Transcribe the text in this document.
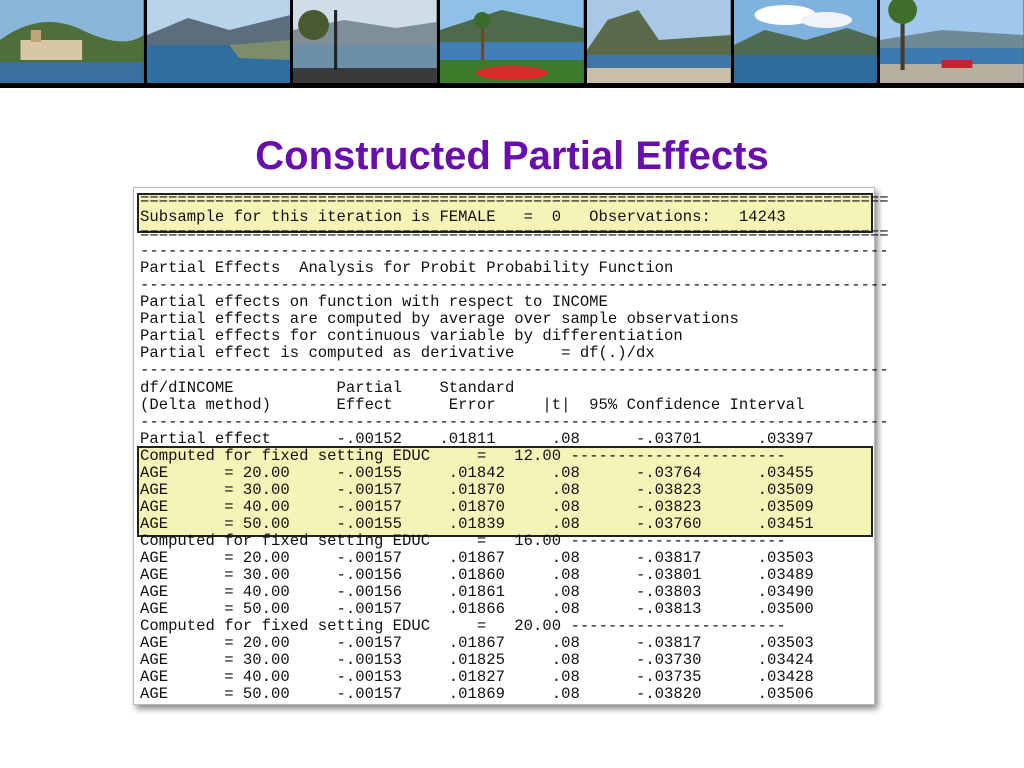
Constructed Partial Effects
================================================================================
Subsample for this iteration is FEMALE   =  0   Observations:   14243
================================================================================
--------------------------------------------------------------------------------
Partial Effects  Analysis for Probit Probability Function
--------------------------------------------------------------------------------
Partial effects on function with respect to INCOME
Partial effects are computed by average over sample observations
Partial effects for continuous variable by differentiation
Partial effect is computed as derivative     = df(.)/dx
--------------------------------------------------------------------------------
df/dINCOME           Partial    Standard
(Delta method)       Effect      Error     |t|  95% Confidence Interval
--------------------------------------------------------------------------------
Partial effect       -.00152    .01811      .08      -.03701      .03397
Computed for fixed setting EDUC     =   12.00 -----------------------
AGE      = 20.00     -.00155     .01842     .08      -.03764      .03455
AGE      = 30.00     -.00157     .01870     .08      -.03823      .03509
AGE      = 40.00     -.00157     .01870     .08      -.03823      .03509
AGE      = 50.00     -.00155     .01839     .08      -.03760      .03451
Computed for fixed setting EDUC     =   16.00 -----------------------
AGE      = 20.00     -.00157     .01867     .08      -.03817      .03503
AGE      = 30.00     -.00156     .01860     .08      -.03801      .03489
AGE      = 40.00     -.00156     .01861     .08      -.03803      .03490
AGE      = 50.00     -.00157     .01866     .08      -.03813      .03500
Computed for fixed setting EDUC     =   20.00 -----------------------
AGE      = 20.00     -.00157     .01867     .08      -.03817      .03503
AGE      = 30.00     -.00153     .01825     .08      -.03730      .03424
AGE      = 40.00     -.00153     .01827     .08      -.03735      .03428
AGE      = 50.00     -.00157     .01869     .08      -.03820      .03506
